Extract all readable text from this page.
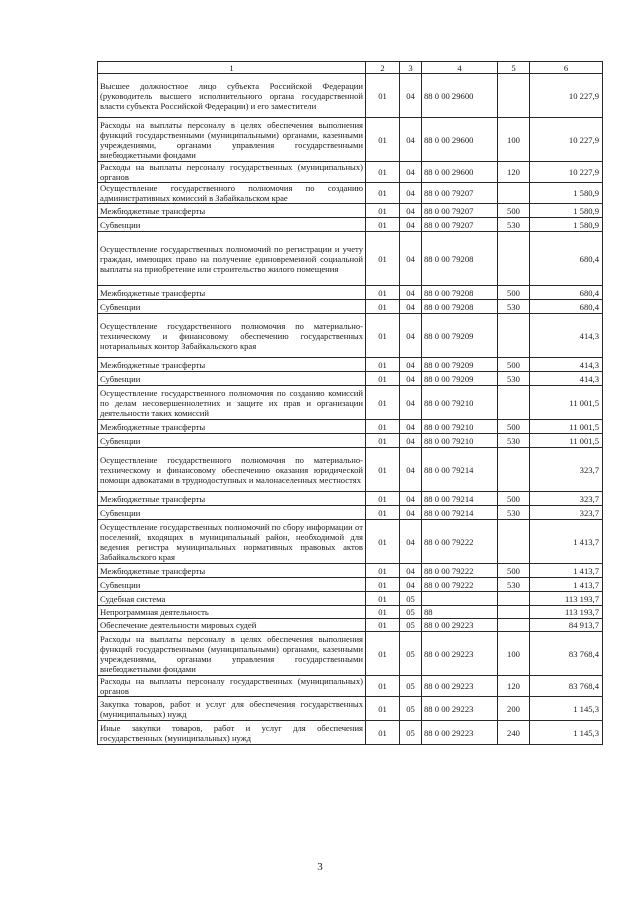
1	2	3	4	5	6
Высшее должностное лицо субъекта Российской Федерации (руководитель высшего исполнительного органа государственной власти субъекта Российской Федерации) и его заместители	01	04	88 0 00 29600		10 227,9
Расходы на выплаты персоналу в целях обеспечения выполнения функций государственными (муниципальными) органами, казенными учреждениями, органами управления государственными внебюджетными фондами	01	04	88 0 00 29600	100	10 227,9
Расходы на выплаты персоналу государственных (муниципальных) органов	01	04	88 0 00 29600	120	10 227,9
Осуществление государственного полномочия по созданию административных комиссий в Забайкальском крае	01	04	88 0 00 79207		1 580,9
Межбюджетные трансферты	01	04	88 0 00 79207	500	1 580,9
Субвенции	01	04	88 0 00 79207	530	1 580,9
Осуществление государственных полномочий по регистрации и учету граждан, имеющих право на получение единовременной социальной выплаты на приобретение или строительство жилого помещения	01	04	88 0 00 79208		680,4
Межбюджетные трансферты	01	04	88 0 00 79208	500	680,4
Субвенции	01	04	88 0 00 79208	530	680,4
Осуществление государственного полномочия по материально-техническому и финансовому обеспечению государственных нотариальных контор Забайкальского края	01	04	88 0 00 79209		414,3
Межбюджетные трансферты	01	04	88 0 00 79209	500	414,3
Субвенции	01	04	88 0 00 79209	530	414,3
Осуществление государственного полномочия по созданию комиссий по делам несовершеннолетних и защите их прав и организации деятельности таких комиссий	01	04	88 0 00 79210		11 001,5
Межбюджетные трансферты	01	04	88 0 00 79210	500	11 001,5
Субвенции	01	04	88 0 00 79210	530	11 001,5
Осуществление государственного полномочия по материально-техническому и финансовому обеспечению оказания юридической помощи адвокатами в труднодоступных и малонаселенных местностях	01	04	88 0 00 79214		323,7
Межбюджетные трансферты	01	04	88 0 00 79214	500	323,7
Субвенции	01	04	88 0 00 79214	530	323,7
Осуществление государственных полномочий по сбору информации от поселений, входящих в муниципальный район, необходимой для ведения регистра муниципальных нормативных правовых актов Забайкальского края	01	04	88 0 00 79222		1 413,7
Межбюджетные трансферты	01	04	88 0 00 79222	500	1 413,7
Субвенции	01	04	88 0 00 79222	530	1 413,7
Судебная система	01	05			113 193,7
Непрограммная деятельность	01	05	88		113 193,7
Обеспечение деятельности мировых судей	01	05	88 0 00 29223		84 913,7
Расходы на выплаты персоналу в целях обеспечения выполнения функций государственными (муниципальными) органами, казенными учреждениями, органами управления государственными внебюджетными фондами	01	05	88 0 00 29223	100	83 768,4
Расходы на выплаты персоналу государственных (муниципальных) органов	01	05	88 0 00 29223	120	83 768,4
Закупка товаров, работ и услуг для обеспечения государственных (муниципальных) нужд	01	05	88 0 00 29223	200	1 145,3
Иные закупки товаров, работ и услуг для обеспечения государственных (муниципальных) нужд	01	05	88 0 00 29223	240	1 145,3
3
